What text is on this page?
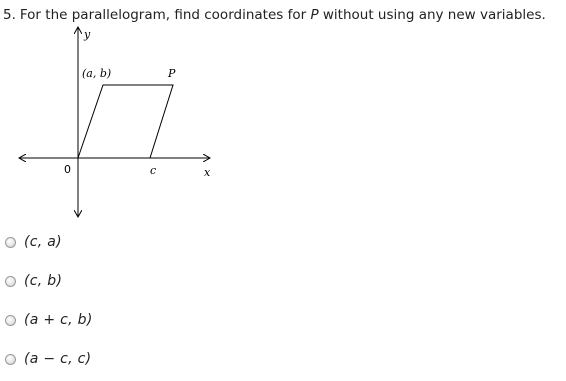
5. For the parallelogram, find coordinates for P without using any new variables.
y
x
0
(a, b)	P
c
(c, a)
(c, b)
(a + c, b)
(a − c, c)
